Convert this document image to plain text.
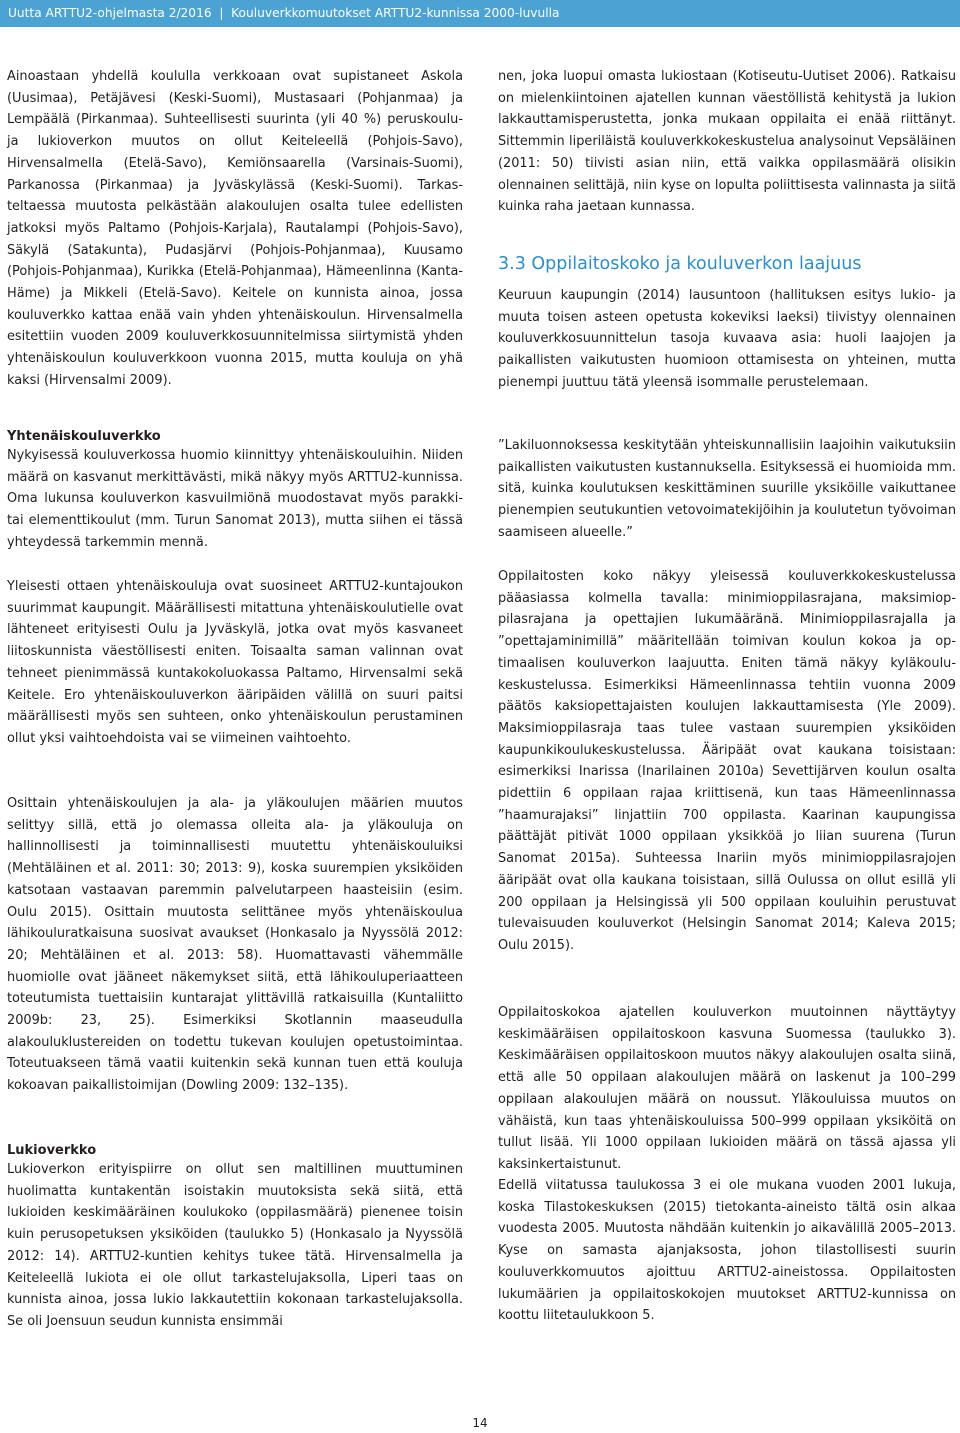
Uutta ARTTU2-ohjelmasta 2/2016  |  Kouluverkkomuutokset ARTTU2-kunnissa 2000-luvulla

Ainoastaan yhdellä koululla verkkoaan ovat supistaneet Askola (Uusimaa), Petäjävesi (Keski-Suomi), Mustasaari (Pohjanmaa) ja Lempäälä (Pirkanmaa). Suhteellisesti suurinta (yli 40 %) peruskoulu- ja lukioverkon muutos on ollut Keiteleellä (Pohjois-Savo), Hirvensalmella (Etelä-Savo), Kemiönsaarella (Varsinais-Suomi), Parkanossa (Pirkanmaa) ja Jyväskylässä (Keski-Suomi). Tarkasteltaessa muutosta pelkästään alakoulujen osalta tulee edellisten jatkoksi myös Paltamo (Pohjois-Karjala), Rautalampi (Pohjois-Savo), Säkylä (Satakunta), Pudasjärvi (Pohjois-Pohjanmaa), Kuusamo (Pohjois-Pohjanmaa), Kurikka (Etelä-Pohjanmaa), Hämeenlinna (Kanta-Häme) ja Mikkeli (Etelä-Savo). Keitele on kunnista ainoa, jossa kouluverkko kattaa enää vain yhden yhtenäiskoulun. Hirvensalmella esitettiin vuoden 2009 kouluverkkosuunnitelmissa siirtymistä yhden yhtenäiskoulun kouluverkkoon vuonna 2015, mutta kouluja on yhä kaksi (Hirvensalmi 2009).

Yhtenäiskouluverkko

Nykyisessä kouluverkossa huomio kiinnittyy yhtenäiskouluihin. Niiden määrä on kasvanut merkittävästi, mikä näkyy myös ARTTU2-kunnissa. Oma lukunsa kouluverkon kasvuilmiönä muodostavat myös parakki- tai elementtikoulut (mm. Turun Sanomat 2013), mutta siihen ei tässä yhteydessä tarkemmin mennä.

Yleisesti ottaen yhtenäiskouluja ovat suosineet ARTTU2-kuntajoukon suurimmat kaupungit. Määrällisesti mitattuna yhtenäiskoulutielle ovat lähteneet erityisesti Oulu ja Jyväskylä, jotka ovat myös kasvaneet liitoskunnista väestöllisesti eniten. Toisaalta saman valinnan ovat tehneet pienimmässä kuntakokoluokassa Paltamo, Hirvensalmi sekä Keitele. Ero yhtenäiskouluverkon ääripäiden välillä on suuri paitsi määrällisesti myös sen suhteen, onko yhtenäiskoulun perustaminen ollut yksi vaihtoehdoista vai se viimeinen vaihtoehto.

Osittain yhtenäiskoulujen ja ala- ja yläkoulujen määrien muutos selittyy sillä, että jo olemassa olleita ala- ja yläkouluja on hallinnollisesti ja toiminnallisesti muutettu yhtenäiskouluiksi (Mehtäläinen et al. 2011: 30; 2013: 9), koska suurempien yksiköiden katsotaan vastaavan paremmin palvelutarpeen haasteisiin (esim. Oulu 2015). Osittain muutosta selittänee myös yhtenäiskoulua lähikouluratkaisuna suosivat avaukset (Honkasalo ja Nyyssölä 2012: 20; Mehtäläinen et al. 2013: 58). Huomattavasti vähemmälle huomiolle ovat jääneet näkemykset siitä, että lähikouluperiaatteen toteutumista tuettaisiin kuntarajat ylittävillä ratkaisuilla (Kuntaliitto 2009b: 23, 25). Esimerkiksi Skotlannin maaseudulla alakouluklustereiden on todettu tukevan koulujen opetustoimintaa. Toteutuakseen tämä vaatii kuitenkin sekä kunnan tuen että kouluja kokoavan paikallistoimijan (Dowling 2009: 132–135).

Lukioverkko

Lukioverkon erityispiirre on ollut sen maltillinen muuttuminen huolimatta kuntakentän isoistakin muutoksista sekä siitä, että lukioiden keskimääräinen koulukoko (oppilasmäärä) pienenee toisin kuin perusopetuksen yksiköiden (taulukko 5) (Honkasalo ja Nyyssölä 2012: 14). ARTTU2-kuntien kehitys tukee tätä. Hirvensalmella ja Keiteleellä lukiota ei ole ollut tarkastelujaksolla, Liperi taas on kunnista ainoa, jossa lukio lakkautettiin kokonaan tarkastelujaksolla. Se oli Joensuun seudun kunnista ensimmäi

nen, joka luopui omasta lukiostaan (Kotiseutu-Uutiset 2006). Ratkaisu on mielenkiintoinen ajatellen kunnan väestöllistä kehitystä ja lukion lakkauttamisperustetta, jonka mukaan oppilaita ei enää riittänyt. Sittemmin liperiläistä kouluverkkokeskustelua analysoinut Vepsäläinen (2011: 50) tiivisti asian niin, että vaikka oppilasmäärä olisikin olennainen selittäjä, niin kyse on lopulta poliittisesta valinnasta ja siitä kuinka raha jaetaan kunnassa.

3.3 Oppilaitoskoko ja kouluverkon laajuus

Keuruun kaupungin (2014) lausuntoon (hallituksen esitys lukio- ja muuta toisen asteen opetusta kokeviksi laeksi) tiivistyy olennainen kouluverkkosuunnittelun tasoja kuvaava asia: huoli laajojen ja paikallisten vaikutusten huomioon ottamisesta on yhteinen, mutta pienempi juuttuu tätä yleensä isommalle perustelemaan.

”Lakiluonnoksessa keskitytään yhteiskunnallisiin laajoihin vaikutuksiin paikallisten vaikutusten kustannuksella. Esityksessä ei huomioida mm. sitä, kuinka koulutuksen keskittäminen suurille yksiköille vaikuttanee pienempien seutukuntien vetovoimatekijöihin ja koulutetun työvoiman saamiseen alueelle.”

Oppilaitosten koko näkyy yleisessä kouluverkkokeskustelussa pääasiassa kolmella tavalla: minimioppilasrajana, maksimioppilasrajana ja opettajien lukumääränä. Minimioppilasrajalla ja ”opettajaminimillä” määritellään toimivan koulun kokoa ja optimaalisen kouluverkon laajuutta. Eniten tämä näkyy kyläkoulukeskustelussa. Esimerkiksi Hämeenlinnassa tehtiin vuonna 2009 päätös kaksiopettajaisten koulujen lakkauttamisesta (Yle 2009). Maksimioppilasraja taas tulee vastaan suurempien yksiköiden kaupunkikoulukeskustelussa. Ääripäät ovat kaukana toisistaan: esimerkiksi Inarissa (Inarilainen 2010a) Sevettijärven koulun osalta pidettiin 6 oppilaan rajaa kriittisenä, kun taas Hämeenlinnassa ”haamurajaksi” linjattiin 700 oppilasta. Kaarinan kaupungissa päättäjät pitivät 1000 oppilaan yksikköä jo liian suurena (Turun Sanomat 2015a). Suhteessa Inariin myös minimioppilasrajojen ääripäät ovat olla kaukana toisistaan, sillä Oulussa on ollut esillä yli 200 oppilaan ja Helsingissä yli 500 oppilaan kouluihin perustuvat tulevaisuuden kouluverkot (Helsingin Sanomat 2014; Kaleva 2015; Oulu 2015).

Oppilaitoskokoa ajatellen kouluverkon muutoinnen näyttäytyy keskimääräisen oppilaitoskoon kasvuna Suomessa (taulukko 3). Keskimääräisen oppilaitoskoon muutos näkyy alakoulujen osalta siinä, että alle 50 oppilaan alakoulujen määrä on laskenut ja 100–299 oppilaan alakoulujen määrä on noussut. Yläkouluissa muutos on vähäistä, kun taas yhtenäiskouluissa 500–999 oppilaan yksiköitä on tullut lisää. Yli 1000 oppilaan lukioiden määrä on tässä ajassa yli kaksinkertaistunut.

Edellä viitatussa taulukossa 3 ei ole mukana vuoden 2001 lukuja, koska Tilastokeskuksen (2015) tietokanta-aineisto tältä osin alkaa vuodesta 2005. Muutosta nähdään kuitenkin jo aikavälillä 2005–2013. Kyse on samasta ajanjaksosta, johon tilastollisesti suurin kouluverkkomuutos ajoittuu ARTTU2-aineistossa. Oppilaitosten lukumäärien ja oppilaitoskokojen muutokset ARTTU2-kunnissa on koottu liitetaulukkoon 5.

14
